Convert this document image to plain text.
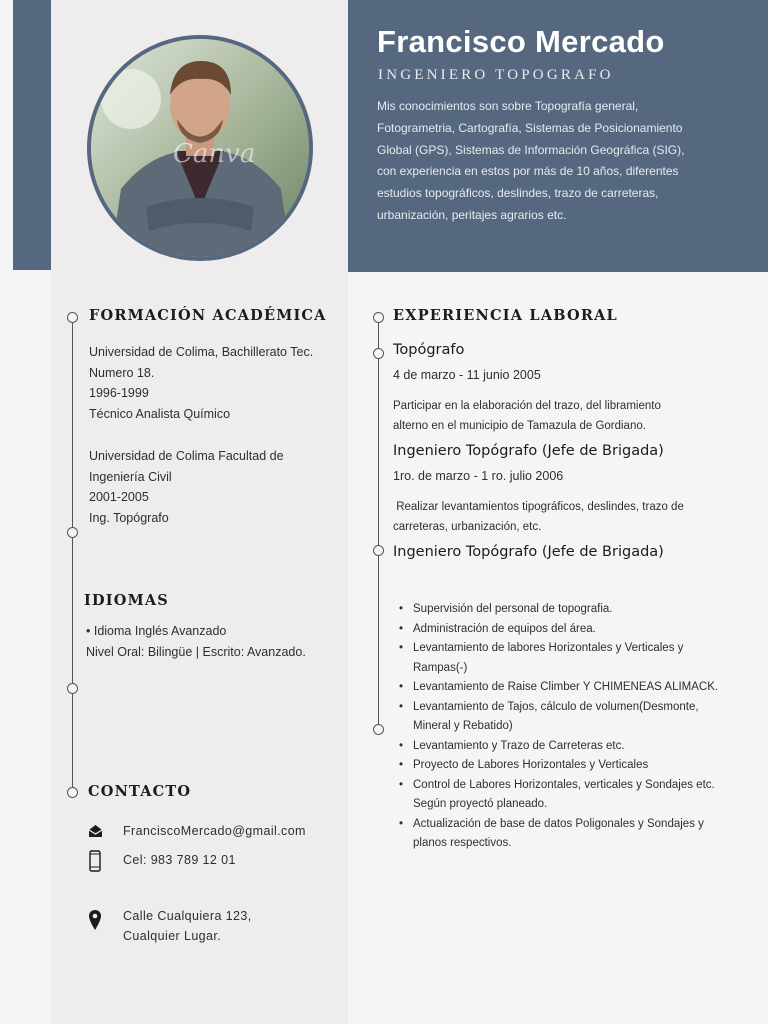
Canva
Francisco Mercado
INGENIERO TOPOGRAFO
Mis conocimientos son sobre Topografía general,
Fotogrametria, Cartografía, Sistemas de Posicionamiento
Global (GPS), Sistemas de Información Geográfica (SIG),
con experiencia en estos por más de 10 años, diferentes
estudios topográficos, deslindes, trazo de carreteras,
urbanización, peritajes agrarios etc.
FORMACIÓN ACADÉMICA
Universidad de Colima, Bachillerato Tec.
Numero 18.
1996-1999
Técnico Analista Químico
Universidad de Colima Facultad de
Ingeniería Civil
2001-2005
Ing. Topógrafo
IDIOMAS
• Idioma Inglés Avanzado
Nivel Oral: Bilingüe | Escrito: Avanzado.
CONTACTO
FranciscoMercado@gmail.com
Cel: 983 789 12 01
Calle Cualquiera 123,
Cualquier Lugar.
EXPERIENCIA LABORAL
Topógrafo
4 de marzo - 11 junio 2005
Participar en la elaboración del trazo, del libramiento
alterno en el municipio de Tamazula de Gordiano.
Ingeniero Topógrafo (Jefe de Brigada)
1ro. de marzo - 1 ro. julio 2006
Realizar levantamientos tipográficos, deslindes, trazo de
carreteras, urbanización, etc.
Ingeniero Topógrafo (Jefe de Brigada)
• Supervisión del personal de topografia.
• Administración de equipos del área.
• Levantamiento de labores Horizontales y Verticales y
Rampas(-)
• Levantamiento de Raise Climber Y CHIMENEAS ALIMACK.
• Levantamiento de Tajos, cálculo de volumen(Desmonte,
Mineral y Rebatido)
• Levantamiento y Trazo de Carreteras etc.
• Proyecto de Labores Horizontales y Verticales
• Control de Labores Horizontales, verticales y Sondajes etc.
Según proyectó planeado.
• Actualización de base de datos Poligonales y Sondajes y
planos respectivos.
